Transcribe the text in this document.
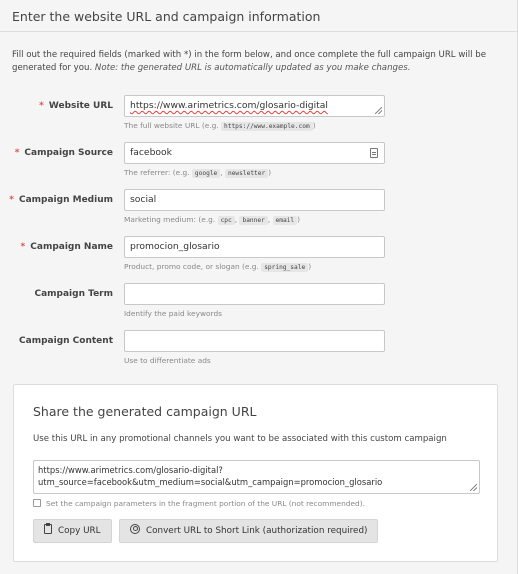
Enter the website URL and campaign information
Fill out the required fields (marked with *) in the form below, and once complete the full campaign URL will be generated for you. Note: the generated URL is automatically updated as you make changes.
* Website URL	https://www.arimetrics.com/glosario-digital
The full website URL (e.g. https://www.example.com )
* Campaign Source	facebook
The referrer: (e.g. google , newsletter )
* Campaign Medium	social
Marketing medium: (e.g. cpc , banner , email )
* Campaign Name	promocion_glosario
Product, promo code, or slogan (e.g. spring_sale )
Campaign Term
Identify the paid keywords
Campaign Content
Use to differentiate ads
Share the generated campaign URL
Use this URL in any promotional channels you want to be associated with this custom campaign
https://www.arimetrics.com/glosario-digital?
utm_source=facebook&utm_medium=social&utm_campaign=promocion_glosario
Set the campaign parameters in the fragment portion of the URL (not recommended).
Copy URL	Convert URL to Short Link (authorization required)
